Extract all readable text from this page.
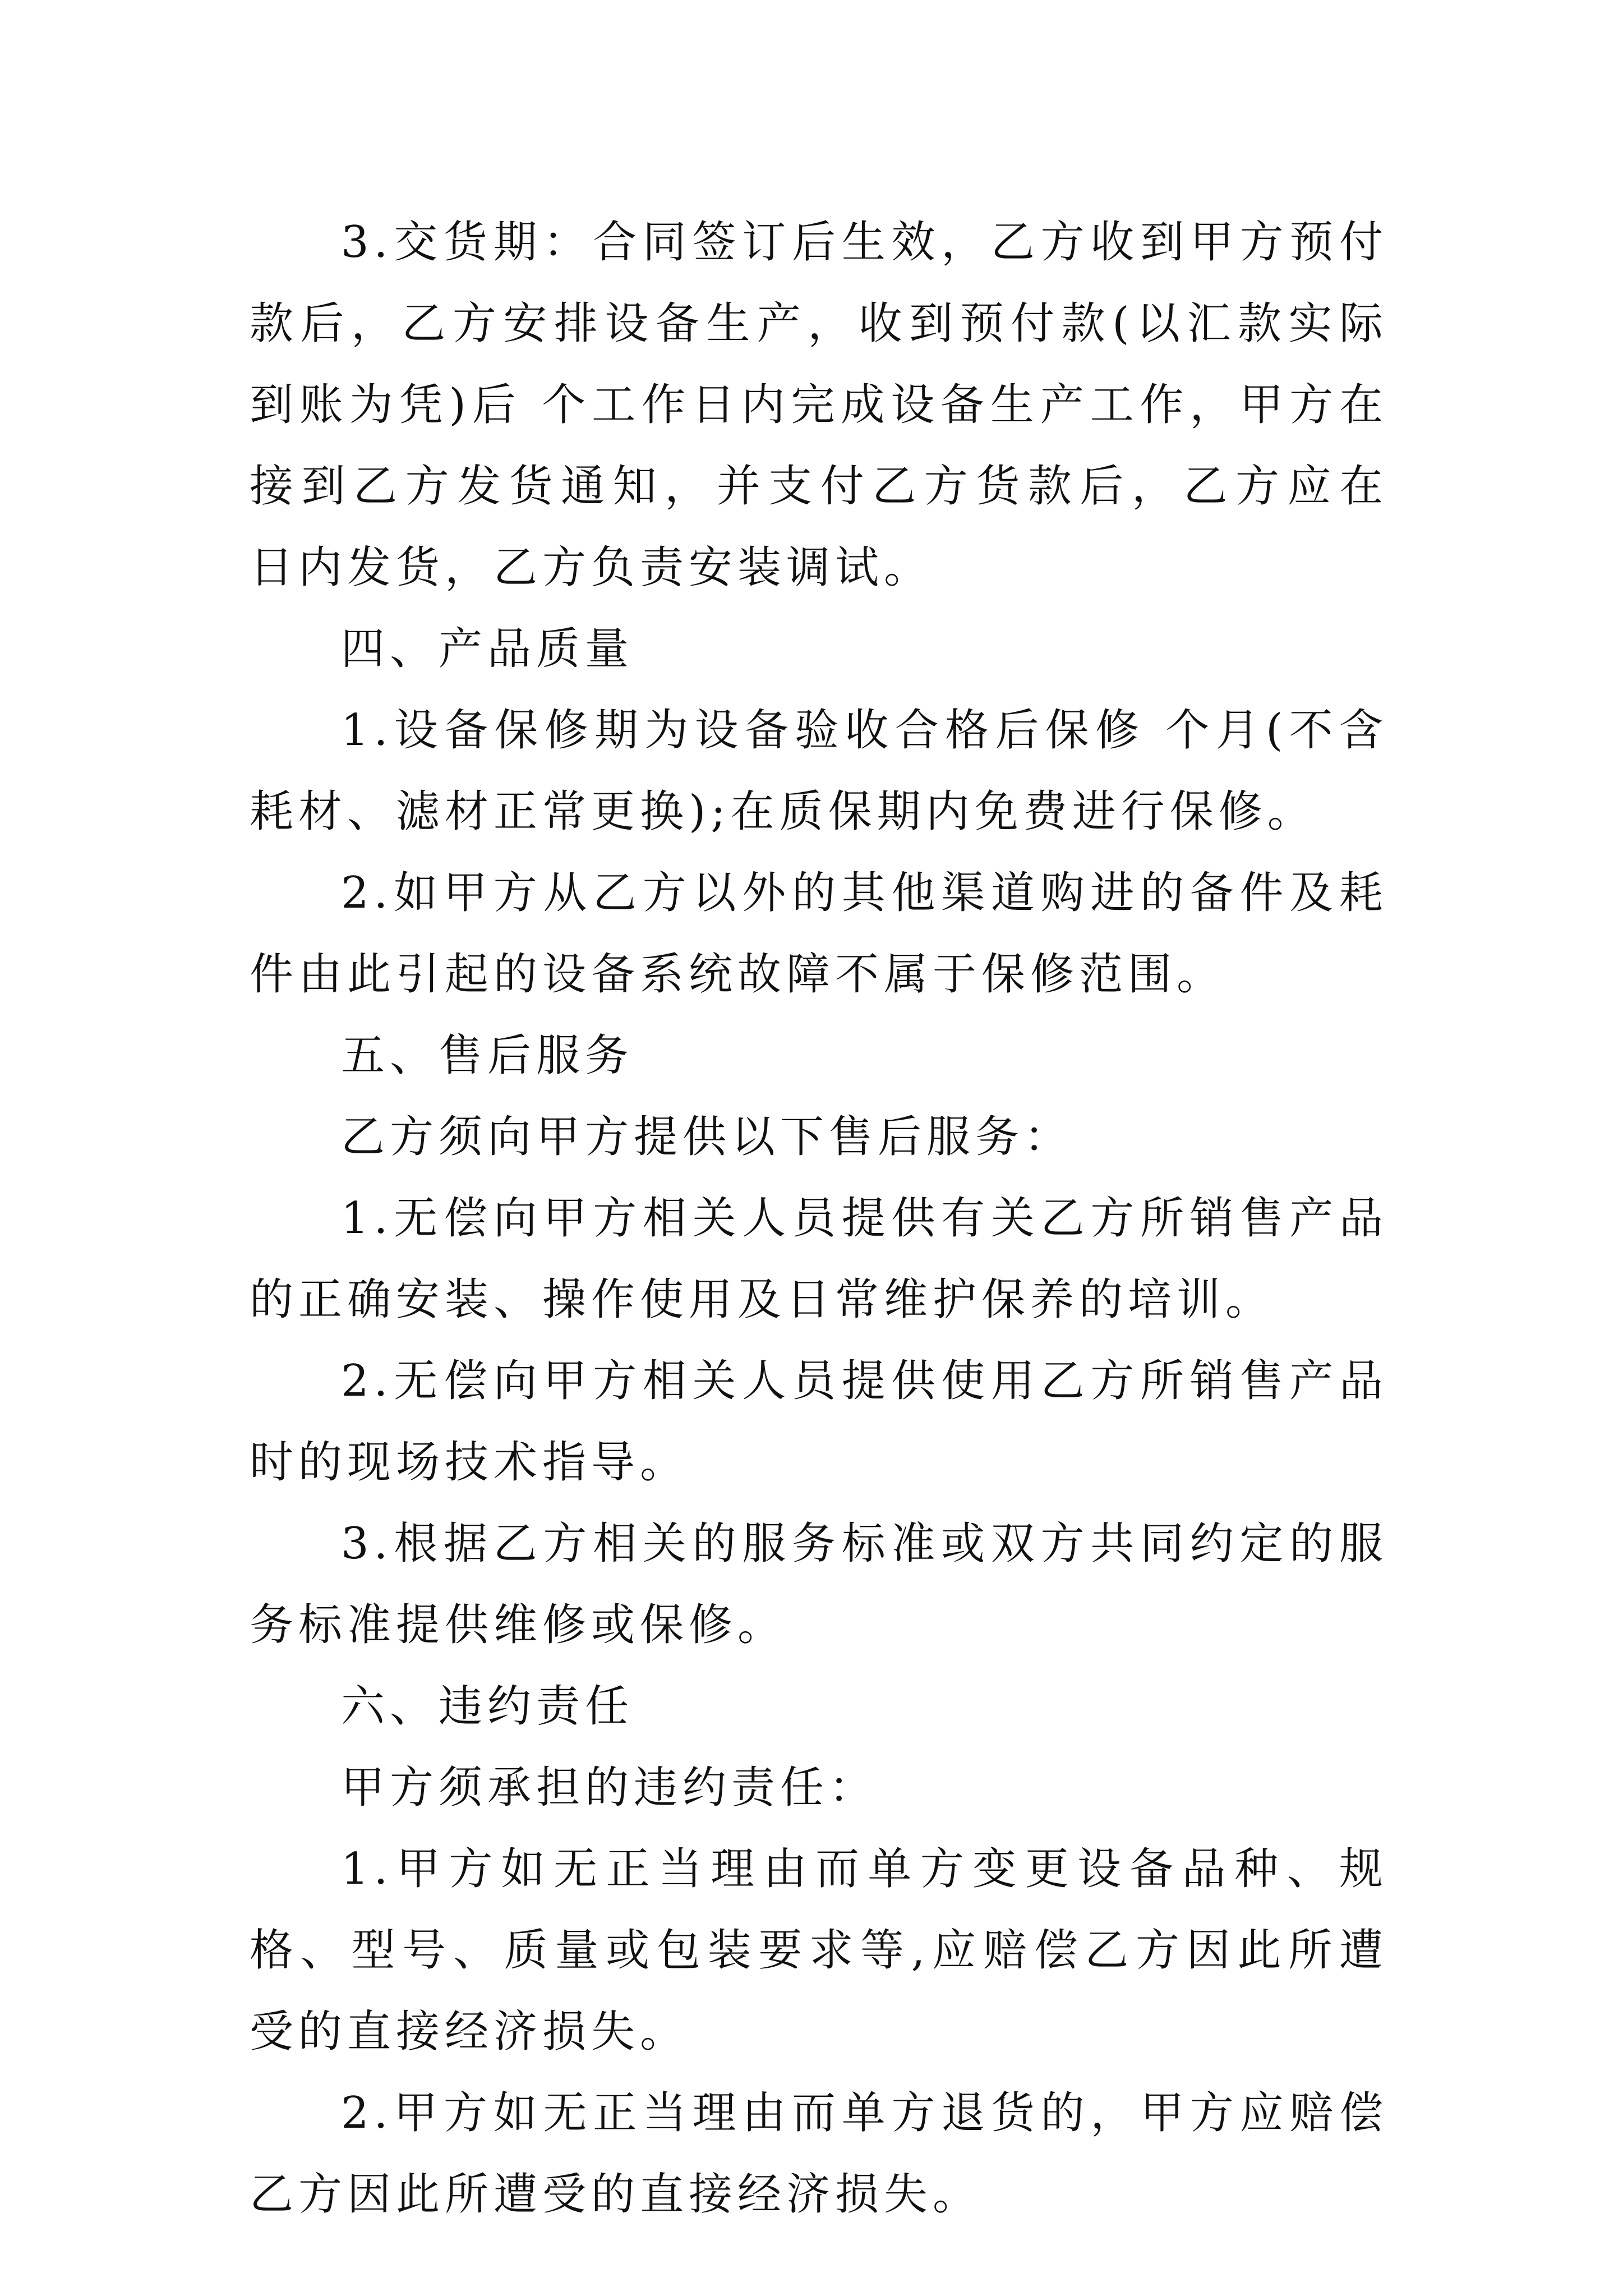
3.交货期：合同签订后生效，乙方收到甲方预付款后，乙方安排设备生产，收到预付款(以汇款实际到账为凭)后 个工作日内完成设备生产工作，甲方在接到乙方发货通知，并支付乙方货款后，乙方应在 日内发货，乙方负责安装调试。

四、产品质量

1.设备保修期为设备验收合格后保修 个月(不含耗材、滤材正常更换);在质保期内免费进行保修。

2.如甲方从乙方以外的其他渠道购进的备件及耗件由此引起的设备系统故障不属于保修范围。

五、售后服务

乙方须向甲方提供以下售后服务：

1.无偿向甲方相关人员提供有关乙方所销售产品的正确安装、操作使用及日常维护保养的培训。

2.无偿向甲方相关人员提供使用乙方所销售产品时的现场技术指导。

3.根据乙方相关的服务标准或双方共同约定的服务标准提供维修或保修。

六、违约责任

甲方须承担的违约责任：

1.甲方如无正当理由而单方变更设备品种、规格、型号、质量或包装要求等,应赔偿乙方因此所遭受的直接经济损失。

2.甲方如无正当理由而单方退货的，甲方应赔偿乙方因此所遭受的直接经济损失。
